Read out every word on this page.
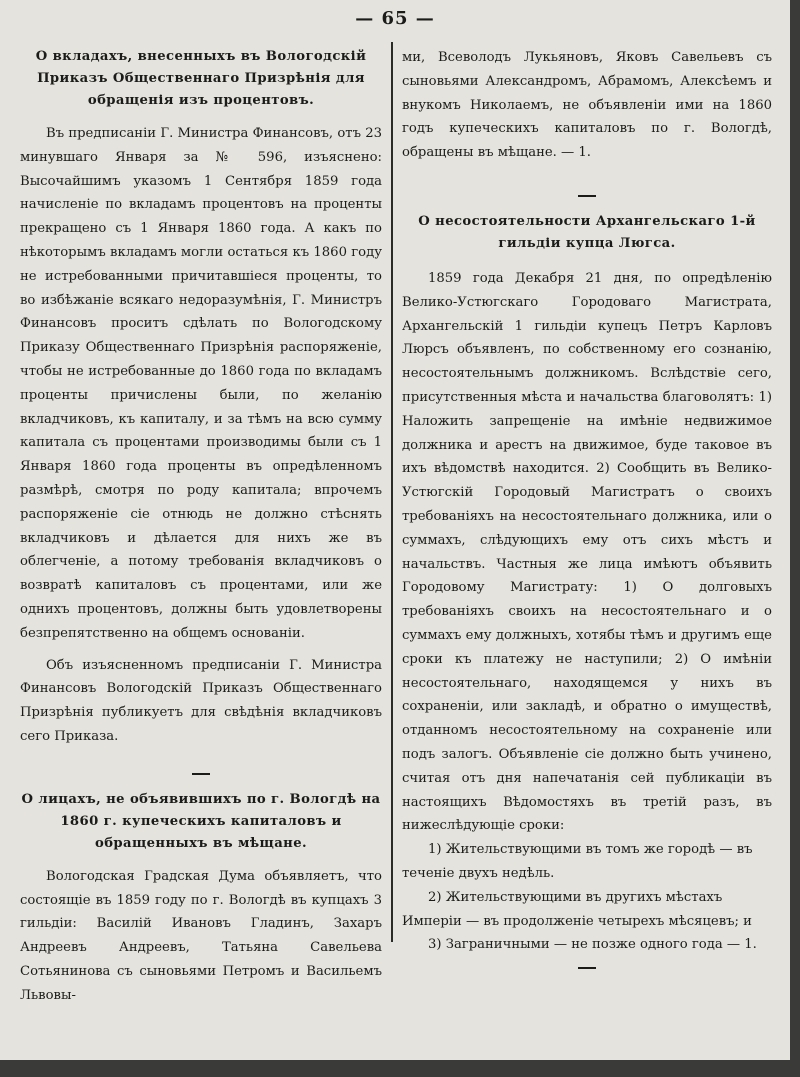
— 65 —

О вкладахъ, внесенныхъ въ Вологодскій Приказъ Общественнаго Призрѣнія для обращенія изъ процентовъ.

Въ предписаніи Г. Министра Финансовъ, отъ 23 минувшаго Января за № 596, изъяснено: Высочайшимъ указомъ 1 Сентября 1859 года начисленіе по вкладамъ процентовъ на проценты прекращено съ 1 Января 1860 года. А какъ по нѣкоторымъ вкладамъ могли остаться къ 1860 году не истребованными причитавшіеся проценты, то во избѣжаніе всякаго недоразумѣнія, Г. Министръ Финансовъ проситъ сдѣлать по Вологодскому Приказу Общественнаго Призрѣнія распоряженіе, чтобы не истребованные до 1860 года по вкладамъ проценты причислены были, по желанію вкладчиковъ, къ капиталу, и за тѣмъ на всю сумму капитала съ процентами производимы были съ 1 Января 1860 года проценты въ опредѣленномъ размѣрѣ, смотря по роду капитала; впрочемъ распоряженіе сіе отнюдь не должно стѣснять вкладчиковъ и дѣлается для нихъ же въ облегченіе, а потому требованія вкладчиковъ о возвратѣ капиталовъ съ процентами, или же однихъ процентовъ, должны быть удовлетворены безпрепятственно на общемъ основаніи.

Объ изъясненномъ предписаніи Г. Министра Финансовъ Вологодскій Приказъ Общественнаго Призрѣнія публикуетъ для свѣдѣнія вкладчиковъ сего Приказа.

О лицахъ, не объявившихъ по г. Вологдѣ на 1860 г. купеческихъ капиталовъ и обращенныхъ въ мѣщане.

Вологодская Градская Дума объявляетъ, что состоящіе въ 1859 году по г. Вологдѣ въ купцахъ 3 гильдіи: Василій Ивановъ Гладинъ, Захаръ Андреевъ Андреевъ, Татьяна Савельева Сотьянинова съ сыновьями Петромъ и Васильемъ Львовы-

ми, Всеволодъ Лукьяновъ, Яковъ Савельевъ съ сыновьями Александромъ, Абрамомъ, Алексѣемъ и внукомъ Николаемъ, не объявленіи ими на 1860 годъ купеческихъ капиталовъ по г. Вологдѣ, обращены въ мѣщане. — 1.

О несостоятельности Архангельскаго 1-й гильдіи купца Люгса.

1859 года Декабря 21 дня, по опредѣленію Велико-Устюгскаго Городоваго Магистрата, Архангельскій 1 гильдіи купецъ Петръ Карловъ Люрсъ объявленъ, по собственному его сознанію, несостоятельнымъ должникомъ. Вслѣдствіе сего, присутственныя мѣста и начальства благоволятъ: 1) Наложить запрещеніе на имѣніе недвижимое должника и арестъ на движимое, буде таковое въ ихъ вѣдомствѣ находится. 2) Сообщить въ Велико-Устюгскій Городовый Магистратъ о своихъ требованіяхъ на несостоятельнаго должника, или о суммахъ, слѣдующихъ ему отъ сихъ мѣстъ и начальствъ. Частныя же лица имѣютъ объявить Городовому Магистрату: 1) О долговыхъ требованіяхъ своихъ на несостоятельнаго и о суммахъ ему должныхъ, хотябы тѣмъ и другимъ еще сроки къ платежу не наступили; 2) О имѣніи несостоятельнаго, находящемся у нихъ въ сохраненіи, или закладѣ, и обратно о имуществѣ, отданномъ несостоятельному на сохраненіе или подъ залогъ. Объявленіе сіе должно быть учинено, считая отъ дня напечатанія сей публикаціи въ настоящихъ Вѣдомостяхъ въ третій разъ, въ нижеслѣдующіе сроки:

1) Жительствующими въ томъ же городѣ — въ теченіе двухъ недѣль.

2) Жительствующими въ другихъ мѣстахъ Имперіи — въ продолженіе четырехъ мѣсяцевъ; и

3) Заграничными — не позже одного года — 1.
